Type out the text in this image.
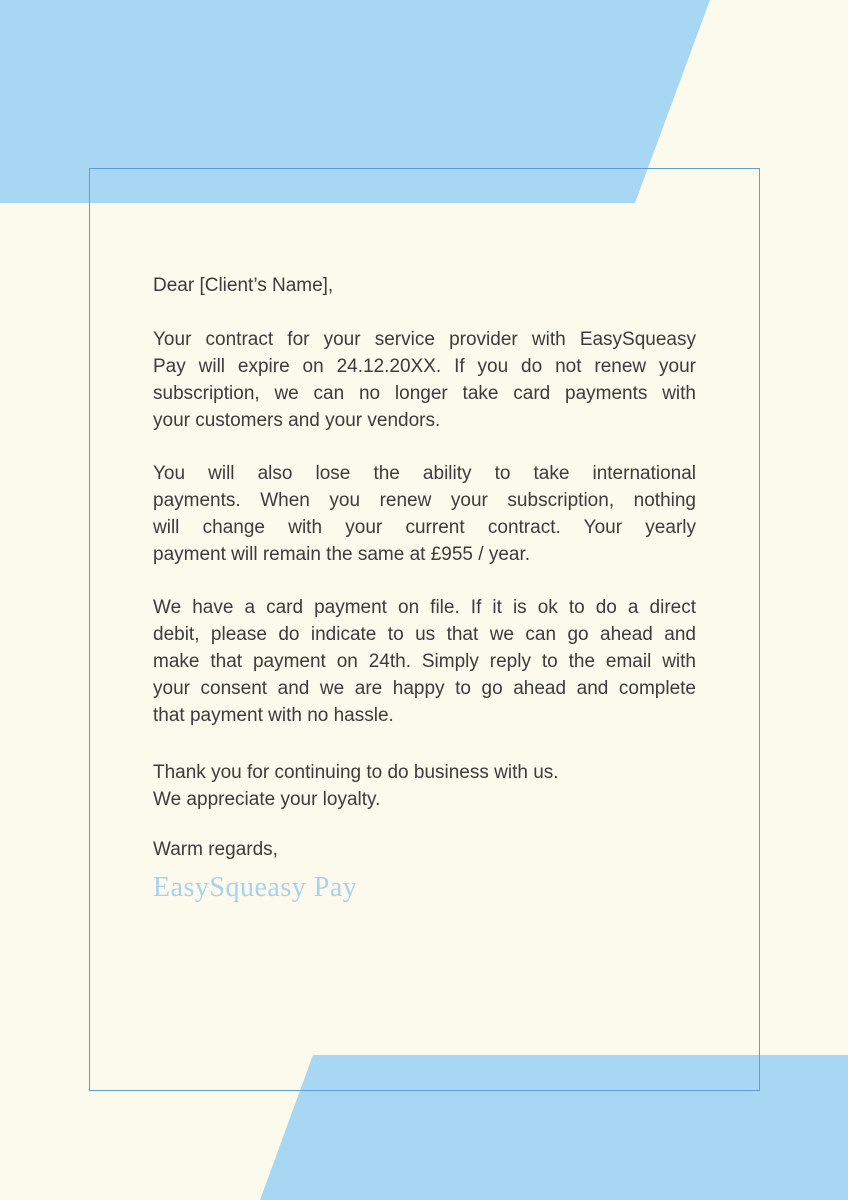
Dear [Client’s Name],

Your contract for your service provider with EasySqueasy
Pay will expire on 24.12.20XX. If you do not renew your
subscription, we can no longer take card payments with
your customers and your vendors.
You will also lose the ability to take international
payments. When you renew your subscription, nothing
will change with your current contract. Your yearly
payment will remain the same at £955 / year.
We have a card payment on file. If it is ok to do a direct
debit, please do indicate to us that we can go ahead and
make that payment on 24th. Simply reply to the email with
your consent and we are happy to go ahead and complete
that payment with no hassle.
Thank you for continuing to do business with us.
We appreciate your loyalty.

Warm regards,

EasySqueasy Pay
